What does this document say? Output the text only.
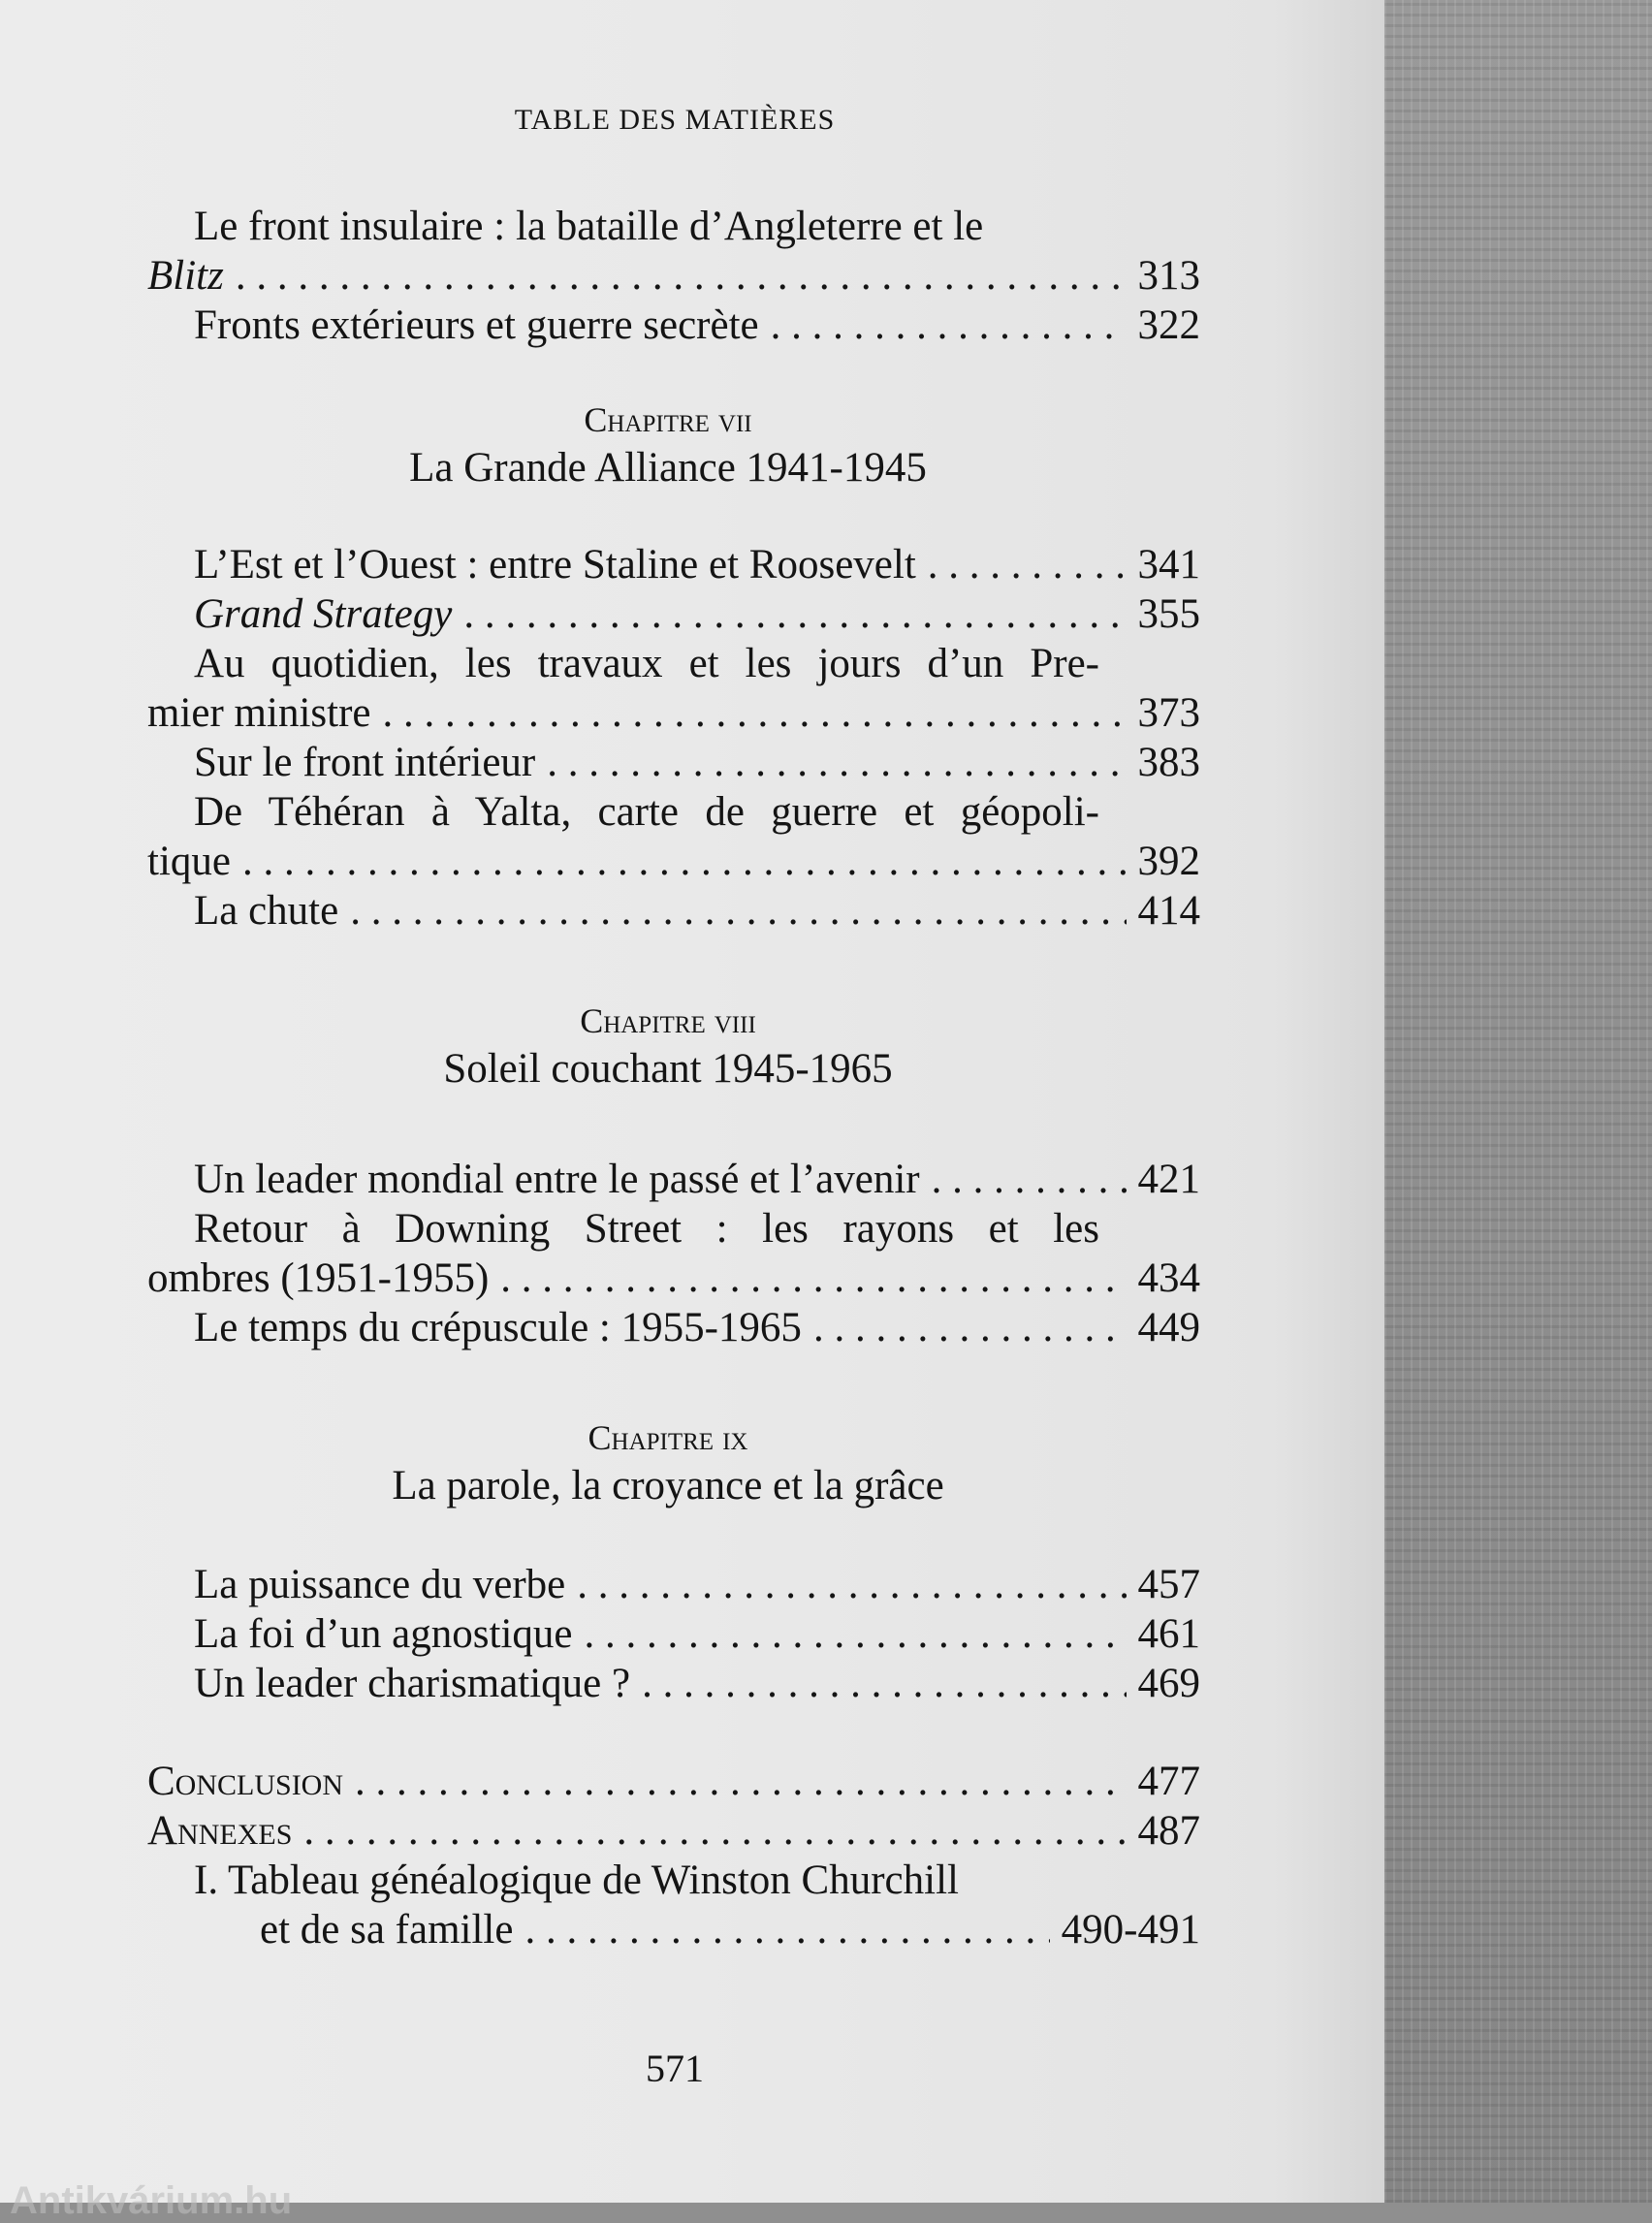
TABLE DES MATIÈRES
Le front insulaire : la bataille d’Angleterre et le
Blitz . . .	313
Fronts extérieurs et guerre secrète . . .	322
Chapitre vii
La Grande Alliance 1941-1945
L’Est et l’Ouest : entre Staline et Roosevelt . . .	341
Grand Strategy . . .	355
Au quotidien, les travaux et les jours d’un Pre-
mier ministre . . .	373
Sur le front intérieur . . .	383
De Téhéran à Yalta, carte de guerre et géopoli-
tique . . .	392
La chute . . .	414
Chapitre viii
Soleil couchant 1945-1965
Un leader mondial entre le passé et l’avenir . . .	421
Retour à Downing Street : les rayons et les
ombres (1951-1955) . . .	434
Le temps du crépuscule : 1955-1965 . . .	449
Chapitre ix
La parole, la croyance et la grâce
La puissance du verbe . . .	457
La foi d’un agnostique . . .	461
Un leader charismatique ? . . .	469
Conclusion . . .	477
Annexes . . .	487
I. Tableau généalogique de Winston Churchill
et de sa famille . . .	490-491
571
Antikvárium.hu
